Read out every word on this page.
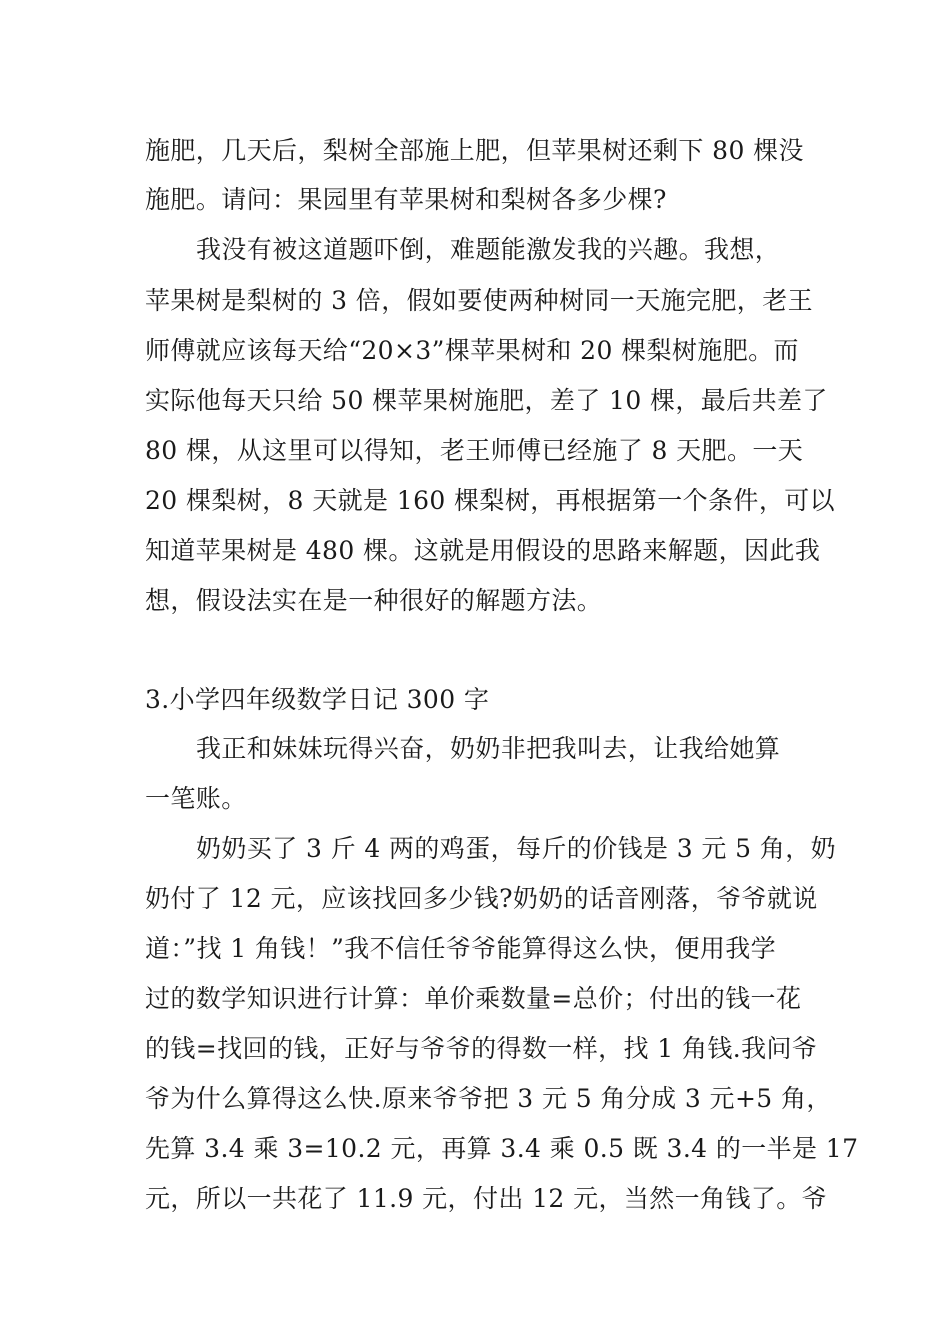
施肥，几天后，梨树全部施上肥，但苹果树还剩下 80 棵没
施肥。请问：果园里有苹果树和梨树各多少棵?
我没有被这道题吓倒，难题能激发我的兴趣。我想，
苹果树是梨树的 3 倍，假如要使两种树同一天施完肥，老王
师傅就应该每天给“20×3”棵苹果树和 20 棵梨树施肥。而
实际他每天只给 50 棵苹果树施肥，差了 10 棵，最后共差了
80 棵，从这里可以得知，老王师傅已经施了 8 天肥。一天
20 棵梨树，8 天就是 160 棵梨树，再根据第一个条件，可以
知道苹果树是 480 棵。这就是用假设的思路来解题，因此我
想，假设法实在是一种很好的解题方法。
3.小学四年级数学日记 300 字
我正和妹妹玩得兴奋，奶奶非把我叫去，让我给她算
一笔账。
奶奶买了 3 斤 4 两的鸡蛋，每斤的价钱是 3 元 5 角，奶
奶付了 12 元，应该找回多少钱?奶奶的话音刚落，爷爷就说
道：”找 1 角钱！”我不信任爷爷能算得这么快，便用我学
过的数学知识进行计算：单价乘数量=总价；付出的钱一花
的钱=找回的钱，正好与爷爷的得数一样，找 1 角钱.我问爷
爷为什么算得这么快.原来爷爷把 3 元 5 角分成 3 元+5 角，
先算 3.4 乘 3=10.2 元，再算 3.4 乘 0.5 既 3.4 的一半是 17
元，所以一共花了 11.9 元，付出 12 元，当然一角钱了。爷
